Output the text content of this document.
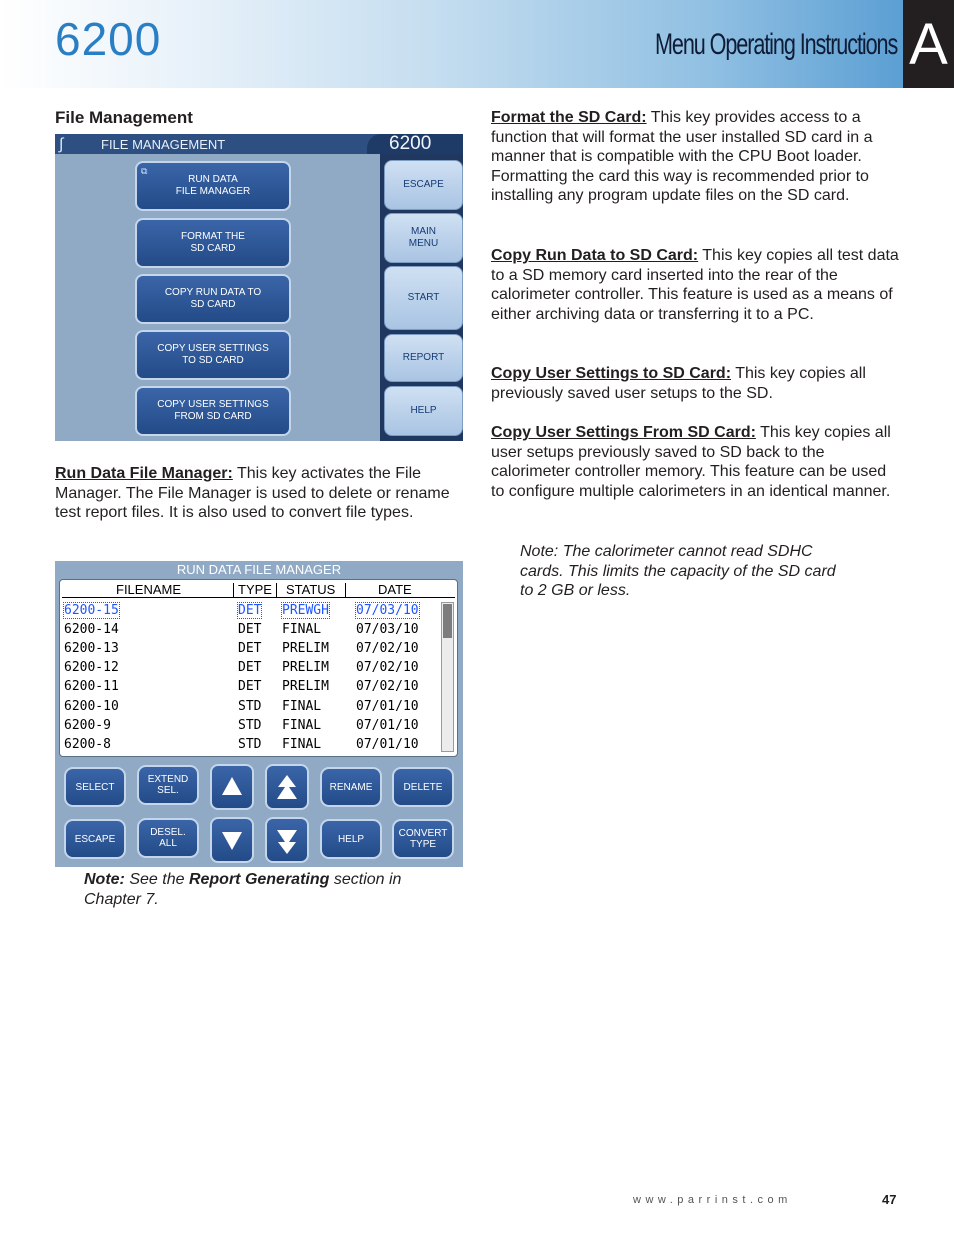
6200	Menu Operating Instructions A
File Management
∫	FILE MANAGEMENT	6200
⧉
RUN DATA
FILE MANAGER
FORMAT THE
SD CARD
COPY RUN DATA TO
SD CARD
COPY USER SETTINGS
TO SD CARD
COPY USER SETTINGS
FROM SD CARD
ESCAPE
MAIN
MENU
START
REPORT
HELP
Run Data File Manager: This key activates the File Manager. The File Manager is used to delete or rename test report files. It is also used to convert file types.
RUN DATA FILE MANAGER
FILENAME	TYPE STATUS	DATE
6200-15	DET PREWGH 07/03/10
6200-14	DET FINAL	07/03/10
6200-13	DET PRELIM 07/02/10
6200-12	DET PRELIM 07/02/10
6200-11	DET PRELIM 07/02/10
6200-10	STD FINAL	07/01/10
6200-9	STD FINAL	07/01/10
6200-8	STD FINAL	07/01/10
SELECT
EXTEND
SEL.	RENAME	DELETE
ESCAPE
DESEL.
ALL	HELP	CONVERT
TYPE
Note: See the Report Generating section in Chapter 7.
Format the SD Card: This key provides access to a function that will format the user installed SD card in a manner that is compatible with the CPU Boot loader. Formatting the card this way is recommended prior to installing any program update files on the SD card.
Copy Run Data to SD Card: This key copies all test data to a SD memory card inserted into the rear of the calorimeter controller. This feature is used as a means of either archiving data or transferring it to a PC.
Copy User Settings to SD Card: This key copies all previously saved user setups to the SD.
Copy User Settings From SD Card: This key copies all user setups previously saved to SD back to the calorimeter controller memory. This feature can be used to configure multiple calorimeters in an identical manner.
Note: The calorimeter cannot read SDHC cards. This limits the capacity of the SD card to 2 GB or less.
www.parrinst.com	47
